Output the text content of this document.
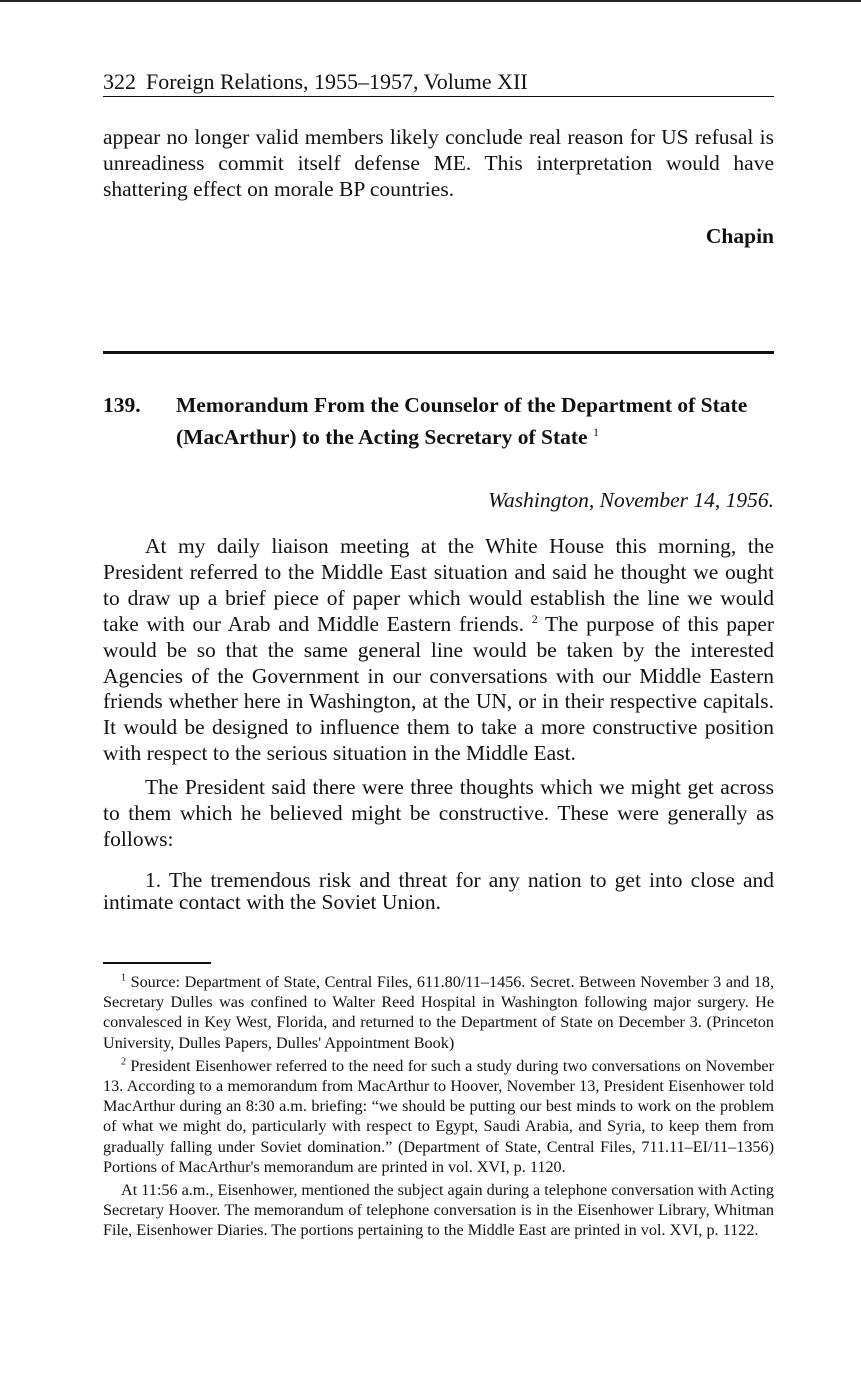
322 Foreign Relations, 1955–1957, Volume XII

appear no longer valid members likely conclude real reason for US refusal is unreadiness commit itself defense ME. This interpretation would have shattering effect on morale BP countries.

Chapin
139. Memorandum From the Counselor of the Department of State (MacArthur) to the Acting Secretary of State $^1$
Washington, November 14, 1956.

At my daily liaison meeting at the White House this morning, the President referred to the Middle East situation and said he thought we ought to draw up a brief piece of paper which would establish the line we would take with our Arab and Middle Eastern friends. $^2$ The purpose of this paper would be so that the same general line would be taken by the interested Agencies of the Government in our conversations with our Middle Eastern friends whether here in Washington, at the UN, or in their respective capitals. It would be designed to influence them to take a more constructive position with respect to the serious situation in the Middle East.

The President said there were three thoughts which we might get across to them which he believed might be constructive. These were generally as follows:

1. The tremendous risk and threat for any nation to get into close and intimate contact with the Soviet Union.

$^1$ Source: Department of State, Central Files, 611.80/11–1456. Secret. Between November 3 and 18, Secretary Dulles was confined to Walter Reed Hospital in Washington following major surgery. He convalesced in Key West, Florida, and returned to the Department of State on December 3. (Princeton University, Dulles Papers, Dulles' Appointment Book)

$^2$ President Eisenhower referred to the need for such a study during two conversations on November 13. According to a memorandum from MacArthur to Hoover, November 13, President Eisenhower told MacArthur during an 8:30 a.m. briefing: “we should be putting our best minds to work on the problem of what we might do, particularly with respect to Egypt, Saudi Arabia, and Syria, to keep them from gradually falling under Soviet domination.” (Department of State, Central Files, 711.11–EI/11–1356) Portions of MacArthur's memorandum are printed in vol. XVI, p. 1120.

At 11:56 a.m., Eisenhower, mentioned the subject again during a telephone conversation with Acting Secretary Hoover. The memorandum of telephone conversation is in the Eisenhower Library, Whitman File, Eisenhower Diaries. The portions pertaining to the Middle East are printed in vol. XVI, p. 1122.
